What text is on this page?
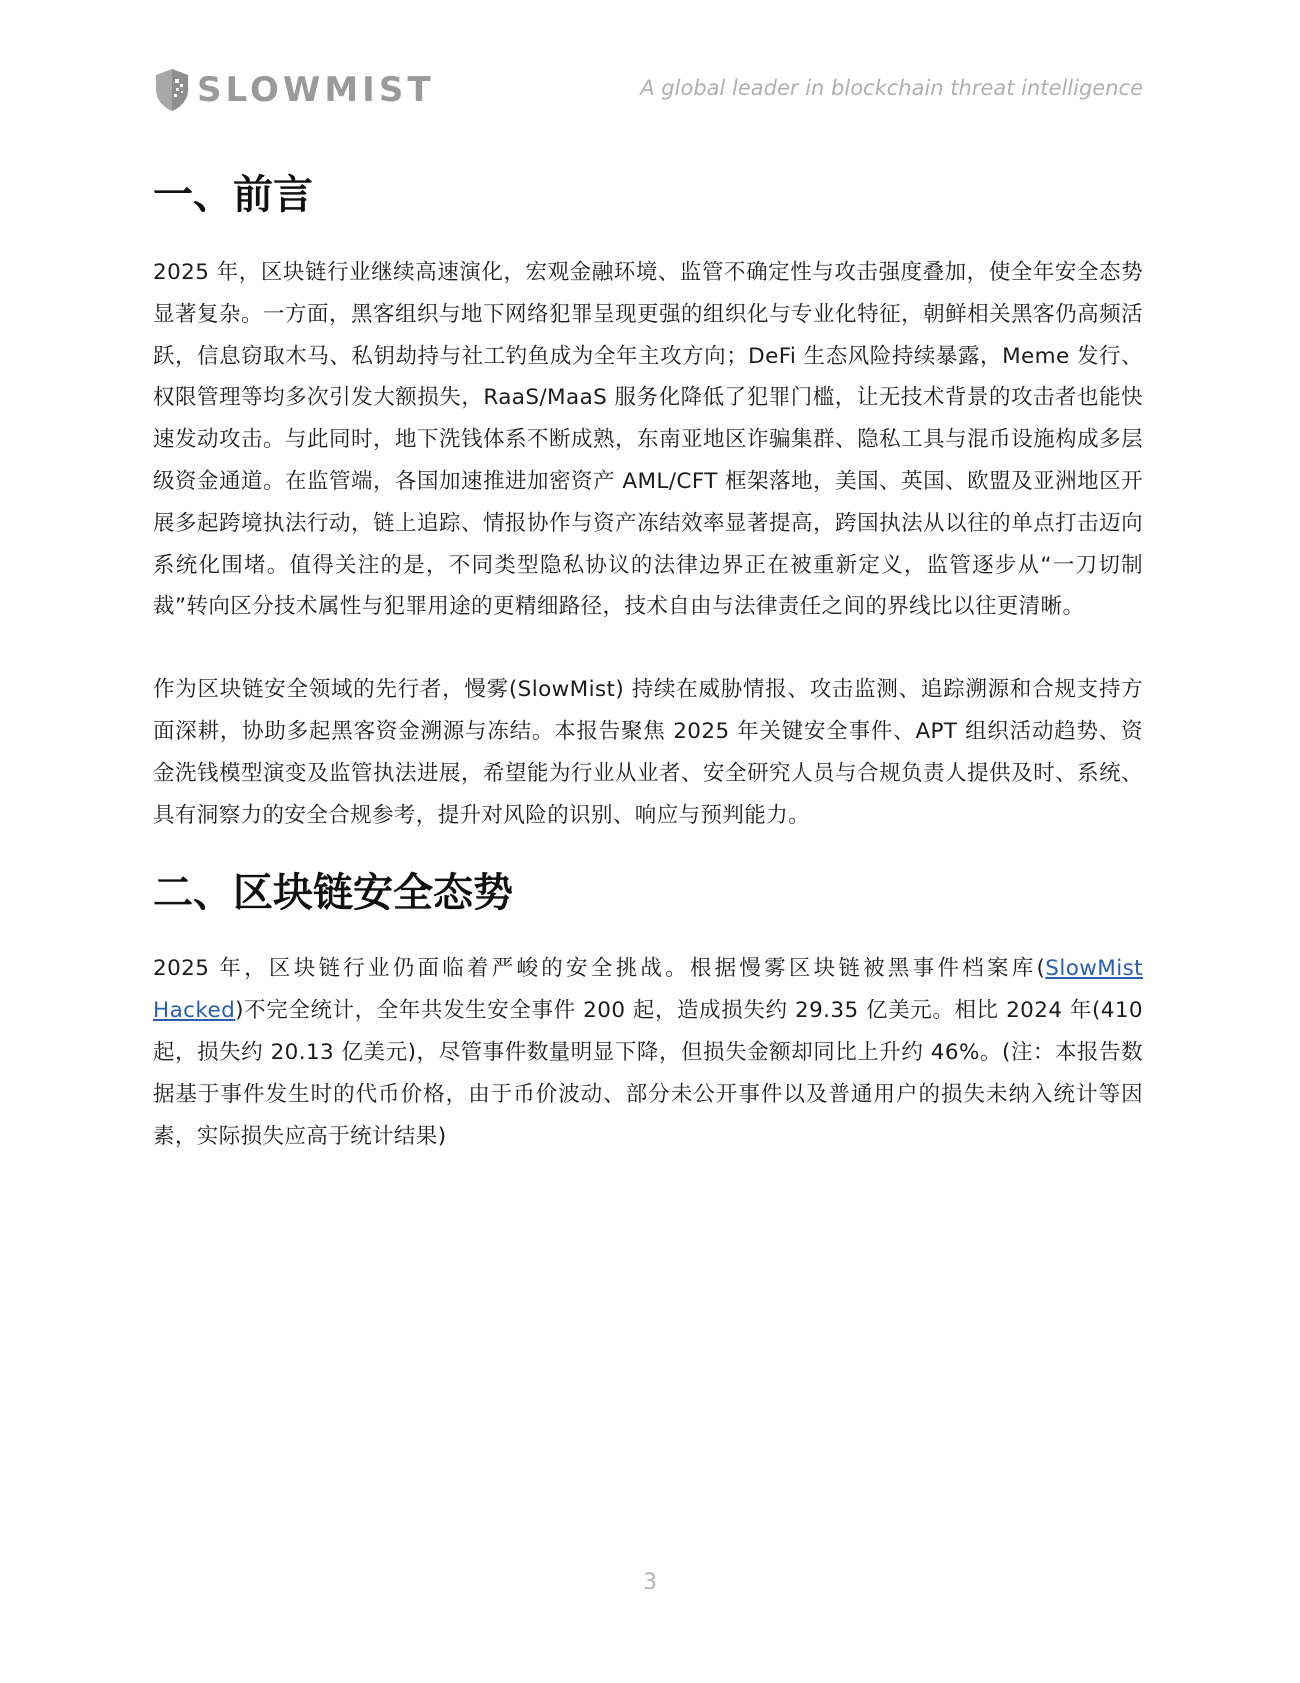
SLOWMIST	A global leader in blockchain threat intelligence
一、前言

2025 年，区块链行业继续高速演化，宏观金融环境、监管不确定性与攻击强度叠加，使全年安全态势显著复杂。一方面，黑客组织与地下网络犯罪呈现更强的组织化与专业化特征，朝鲜相关黑客仍高频活跃，信息窃取木马、私钥劫持与社工钓鱼成为全年主攻方向；DeFi 生态风险持续暴露，Meme 发行、权限管理等均多次引发大额损失，RaaS/MaaS 服务化降低了犯罪门槛，让无技术背景的攻击者也能快速发动攻击。与此同时，地下洗钱体系不断成熟，东南亚地区诈骗集群、隐私工具与混币设施构成多层级资金通道。在监管端，各国加速推进加密资产 AML/CFT 框架落地，美国、英国、欧盟及亚洲地区开展多起跨境执法行动，链上追踪、情报协作与资产冻结效率显著提高，跨国执法从以往的单点打击迈向系统化围堵。值得关注的是，不同类型隐私协议的法律边界正在被重新定义，监管逐步从“一刀切制裁”转向区分技术属性与犯罪用途的更精细路径，技术自由与法律责任之间的界线比以往更清晰。

作为区块链安全领域的先行者，慢雾(SlowMist) 持续在威胁情报、攻击监测、追踪溯源和合规支持方面深耕，协助多起黑客资金溯源与冻结。本报告聚焦 2025 年关键安全事件、APT 组织活动趋势、资金洗钱模型演变及监管执法进展，希望能为行业从业者、安全研究人员与合规负责人提供及时、系统、具有洞察力的安全合规参考，提升对风险的识别、响应与预判能力。

二、区块链安全态势

2025 年，区块链行业仍面临着严峻的安全挑战。根据慢雾区块链被黑事件档案库(SlowMist Hacked)不完全统计，全年共发生安全事件 200 起，造成损失约 29.35 亿美元。相比 2024 年(410 起，损失约 20.13 亿美元)，尽管事件数量明显下降，但损失金额却同比上升约 46%。(注：本报告数据基于事件发生时的代币价格，由于币价波动、部分未公开事件以及普通用户的损失未纳入统计等因素，实际损失应高于统计结果)

3
